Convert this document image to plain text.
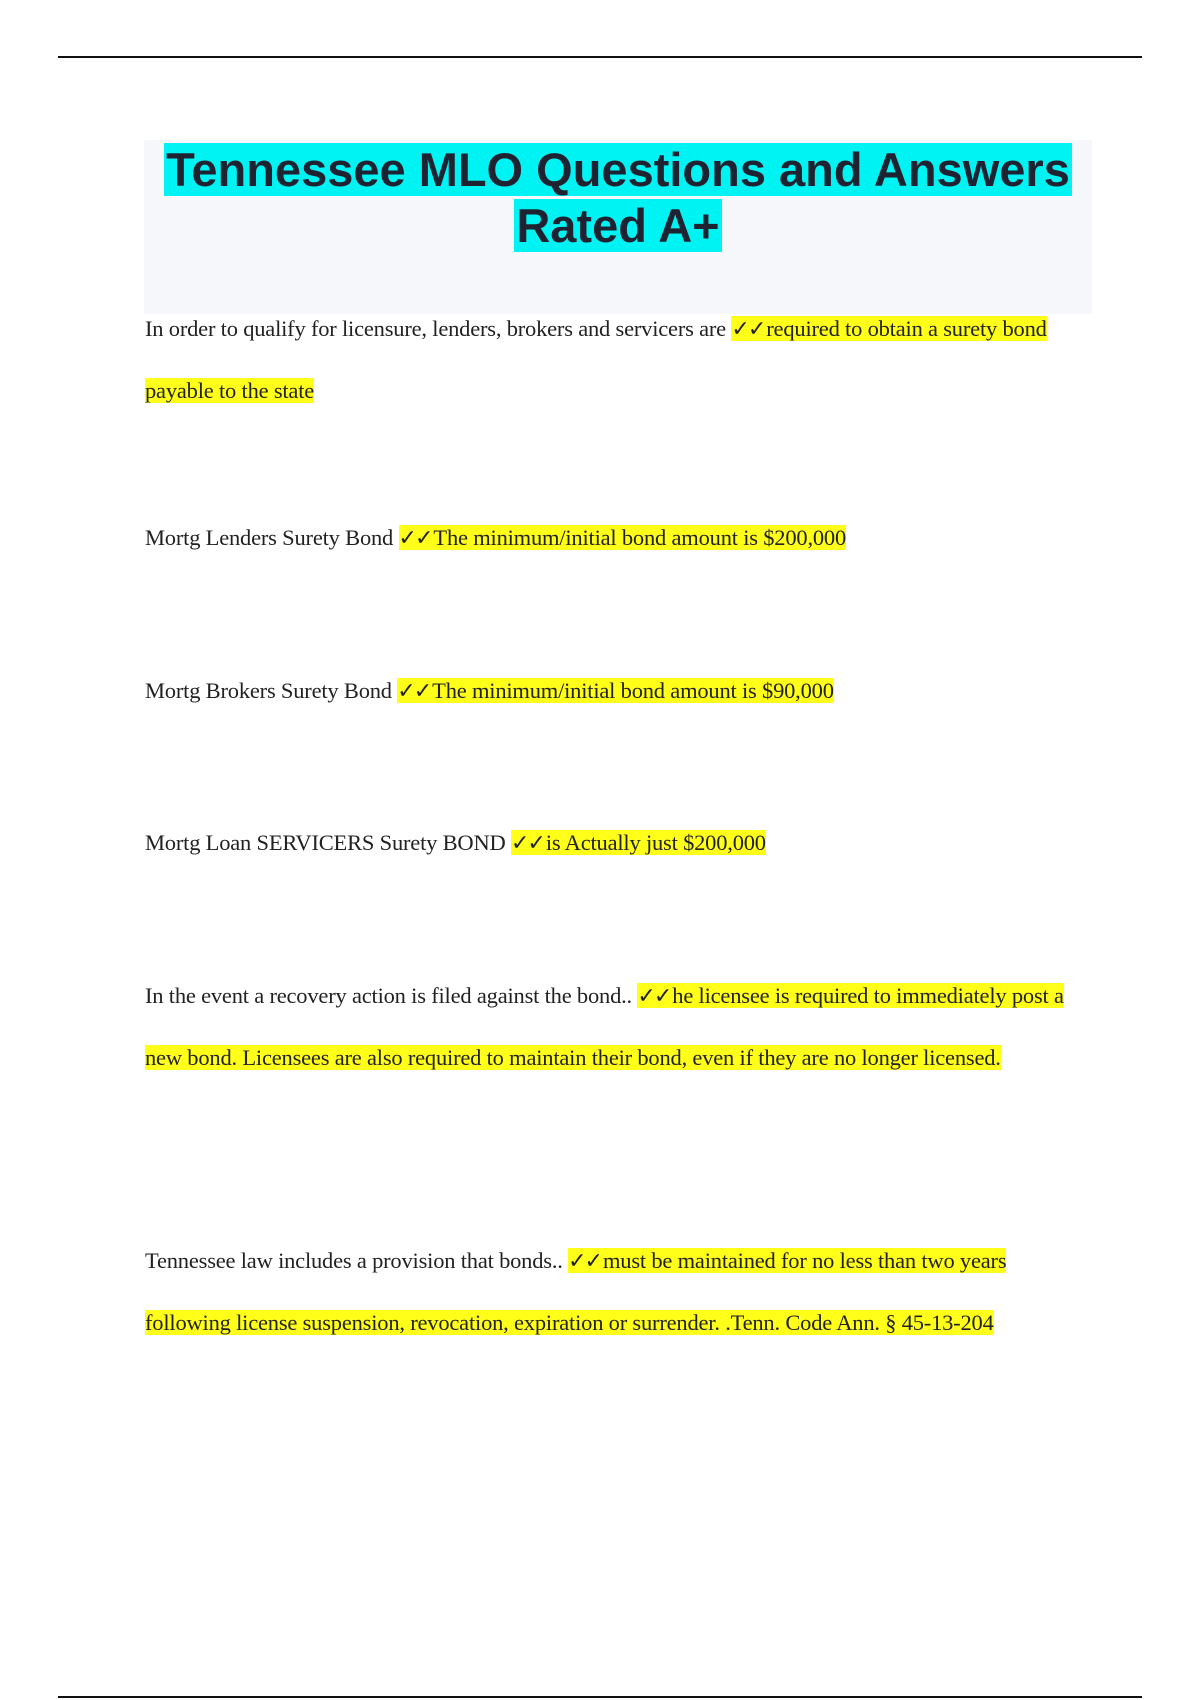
Tennessee MLO Questions and Answers Rated A+

In order to qualify for licensure, lenders, brokers and servicers are ✓✓required to obtain a surety bond payable to the state

Mortg Lenders Surety Bond ✓✓The minimum/initial bond amount is $200,000

Mortg Brokers Surety Bond ✓✓The minimum/initial bond amount is $90,000

Mortg Loan SERVICERS Surety BOND ✓✓is Actually just $200,000

In the event a recovery action is filed against the bond.. ✓✓he licensee is required to immediately post a new bond. Licensees are also required to maintain their bond, even if they are no longer licensed.

Tennessee law includes a provision that bonds.. ✓✓must be maintained for no less than two years following license suspension, revocation, expiration or surrender. .Tenn. Code Ann. § 45-13-204
